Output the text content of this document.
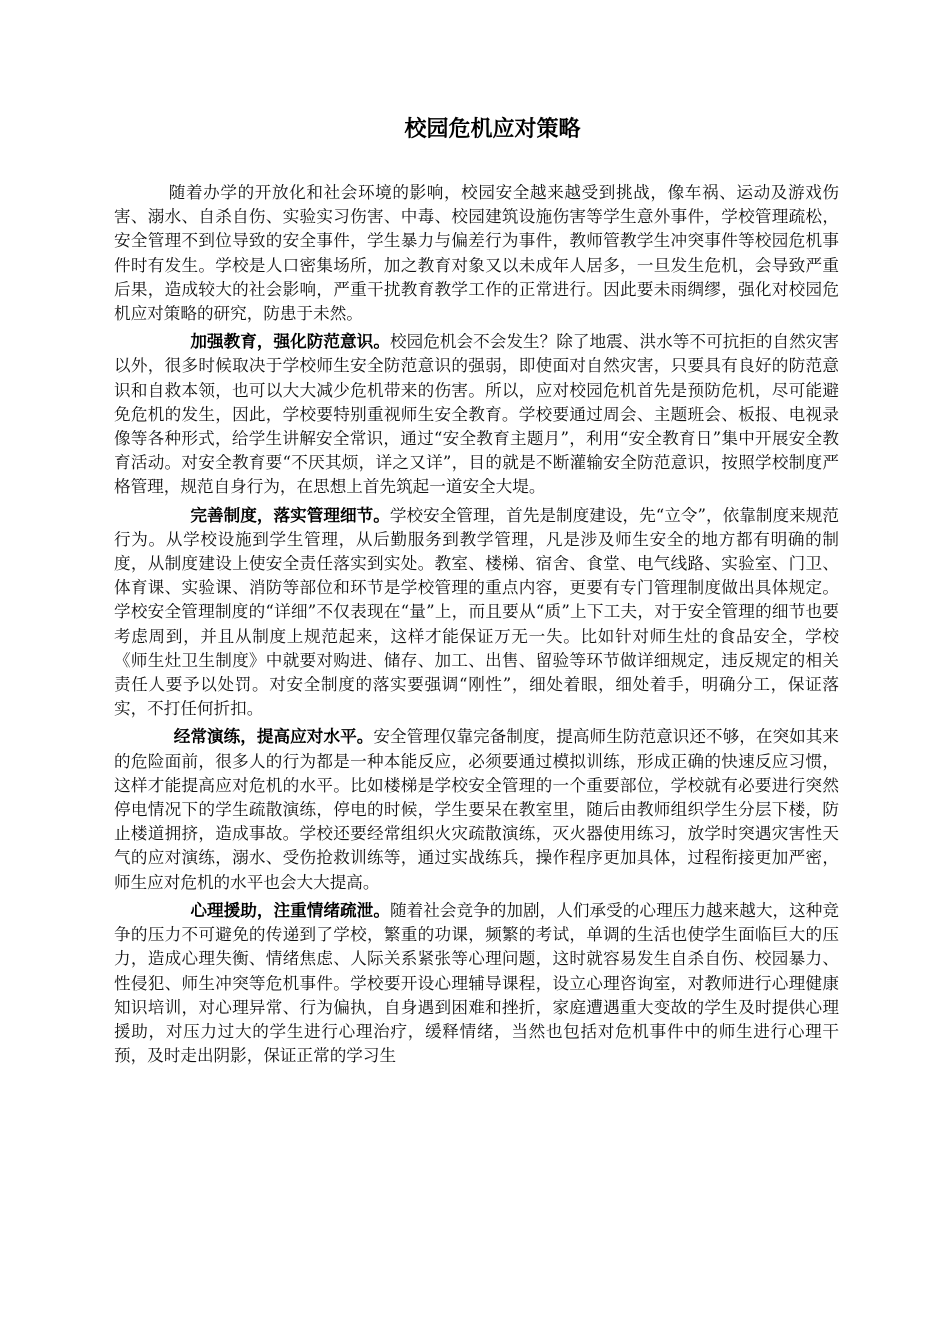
校园危机应对策略

随着办学的开放化和社会环境的影响，校园安全越来越受到挑战，像车祸、运动及游戏伤害、溺水、自杀自伤、实验实习伤害、中毒、校园建筑设施伤害等学生意外事件，学校管理疏松，安全管理不到位导致的安全事件，学生暴力与偏差行为事件，教师管教学生冲突事件等校园危机事件时有发生。学校是人口密集场所，加之教育对象又以未成年人居多，一旦发生危机，会导致严重后果，造成较大的社会影响，严重干扰教育教学工作的正常进行。因此要未雨绸缪，强化对校园危机应对策略的研究，防患于未然。

加强教育，强化防范意识。校园危机会不会发生？除了地震、洪水等不可抗拒的自然灾害以外，很多时候取决于学校师生安全防范意识的强弱，即使面对自然灾害，只要具有良好的防范意识和自救本领，也可以大大减少危机带来的伤害。所以，应对校园危机首先是预防危机，尽可能避免危机的发生，因此，学校要特别重视师生安全教育。学校要通过周会、主题班会、板报、电视录像等各种形式，给学生讲解安全常识，通过“安全教育主题月”，利用“安全教育日”集中开展安全教育活动。对安全教育要“不厌其烦，详之又详”，目的就是不断灌输安全防范意识，按照学校制度严格管理，规范自身行为，在思想上首先筑起一道安全大堤。

完善制度，落实管理细节。学校安全管理，首先是制度建设，先“立令”，依靠制度来规范行为。从学校设施到学生管理，从后勤服务到教学管理，凡是涉及师生安全的地方都有明确的制度，从制度建设上使安全责任落实到实处。教室、楼梯、宿舍、食堂、电气线路、实验室、门卫、体育课、实验课、消防等部位和环节是学校管理的重点内容，更要有专门管理制度做出具体规定。学校安全管理制度的“详细”不仅表现在“量”上，而且要从“质”上下工夫，对于安全管理的细节也要考虑周到，并且从制度上规范起来，这样才能保证万无一失。比如针对师生灶的食品安全，学校《师生灶卫生制度》中就要对购进、储存、加工、出售、留验等环节做详细规定，违反规定的相关责任人要予以处罚。对安全制度的落实要强调“刚性”，细处着眼，细处着手，明确分工，保证落实，不打任何折扣。

经常演练，提高应对水平。安全管理仅靠完备制度，提高师生防范意识还不够，在突如其来的危险面前，很多人的行为都是一种本能反应，必须要通过模拟训练，形成正确的快速反应习惯，这样才能提高应对危机的水平。比如楼梯是学校安全管理的一个重要部位，学校就有必要进行突然停电情况下的学生疏散演练，停电的时候，学生要呆在教室里，随后由教师组织学生分层下楼，防止楼道拥挤，造成事故。学校还要经常组织火灾疏散演练，灭火器使用练习，放学时突遇灾害性天气的应对演练，溺水、受伤抢救训练等，通过实战练兵，操作程序更加具体，过程衔接更加严密，师生应对危机的水平也会大大提高。

心理援助，注重情绪疏泄。随着社会竞争的加剧，人们承受的心理压力越来越大，这种竞争的压力不可避免的传递到了学校，繁重的功课，频繁的考试，单调的生活也使学生面临巨大的压力，造成心理失衡、情绪焦虑、人际关系紧张等心理问题，这时就容易发生自杀自伤、校园暴力、性侵犯、师生冲突等危机事件。学校要开设心理辅导课程，设立心理咨询室，对教师进行心理健康知识培训，对心理异常、行为偏执，自身遇到困难和挫折，家庭遭遇重大变故的学生及时提供心理援助，对压力过大的学生进行心理治疗，缓释情绪，当然也包括对危机事件中的师生进行心理干预，及时走出阴影，保证正常的学习生
